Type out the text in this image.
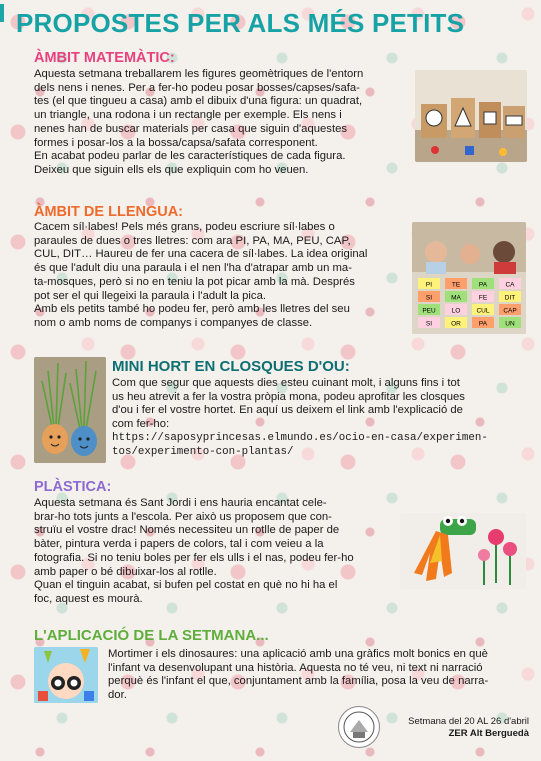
PROPOSTES PER ALS MÉS PETITS
ÀMBIT MATEMÀTIC:
Aquesta setmana treballarem les figures geomètriques de l'entorn
dels nens i nenes. Per a fer-ho podeu posar bosses/capses/safa-
tes (el que tingueu a casa) amb el dibuix d'una figura: un quadrat,
un triangle, una rodona i un rectangle per exemple. Els nens i
nenes han de buscar materials per casa que siguin d'aquestes
formes i posar-los a la bossa/capsa/safata corresponent.
En acabat podeu parlar de les característiques de cada figura.
Deixeu que siguin ells els que expliquin com ho veuen.
ÀMBIT DE LLENGUA:
Cacem síl·labes! Pels més grans, podeu escriure síl·labes o
paraules de dues o tres lletres: com ara PI, PA, MA, PEU, CAP,
CUL, DIT… Haureu de fer una cacera de síl·labes. La idea original
és que l'adult diu una paraula i el nen l'ha d'atrapar amb un ma-
ta-mosques, però si no en teniu la pot picar amb la mà. Després
pot ser el qui llegeixi la paraula i l'adult la pica.
Amb els petits també ho podeu fer, però amb les lletres del seu
nom o amb noms de companys i companyes de classe.
PI	TE	PA	CA
SI	MA	FE	DIT
PEU LO CUL CAP
SI	OR	PA	UN
MINI HORT EN CLOSQUES D'OU:
Com que segur que aquests dies esteu cuinant molt, i alguns fins i tot
us heu atrevit a fer la vostra pròpia mona, podeu aprofitar les closques
d'ou i fer el vostre hortet. En aquí us deixem el link amb l'explicació de
com fer-ho:
https://saposyprincesas.elmundo.es/ocio-en-casa/experimen-
tos/experimento-con-plantas/
PLÀSTICA:
Aquesta setmana és Sant Jordi i ens hauria encantat cele-
brar-ho tots junts a l'escola. Per això us proposem que con-
struïu el vostre drac! Només necessiteu un rotlle de paper de
bàter, pintura verda i papers de colors, tal i com veieu a la
fotografia. Si no teniu boles per fer els ulls i el nas, podeu fer-ho
amb paper o bé dibuixar-los al rotlle.
Quan el tinguin acabat, si bufen pel costat en què no hi ha el
foc, aquest es mourà.
L'APLICACIÓ DE LA SETMANA...
Mortimer i els dinosaures: una aplicació amb una gràfics molt bonics en què
l'infant va desenvolupant una història. Aquesta no té veu, ni text ni narració
perquè és l'infant el que, conjuntament amb la família, posa la veu de narra-
dor.
Setmana del 20 AL 26 d'abril
ZER Alt Berguedà
